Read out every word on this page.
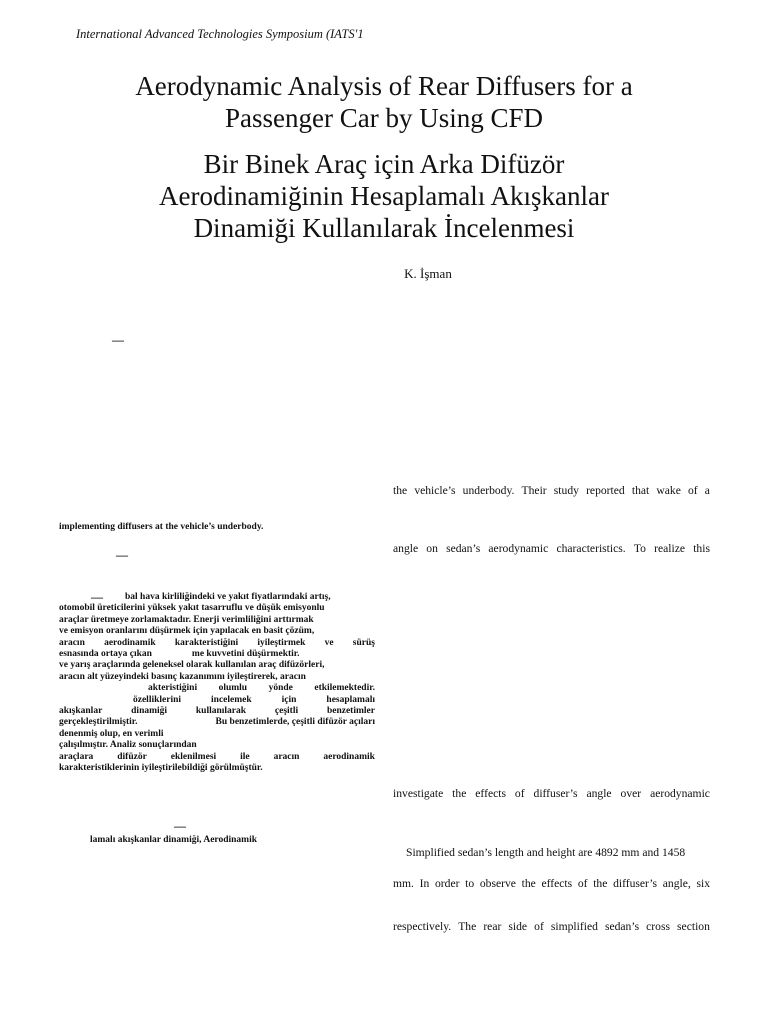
International Advanced Technologies Symposium (IATS'1
Aerodynamic Analysis of Rear Diffusers for a
Passenger Car by Using CFD
Bir Binek Araç için Arka Difüzör
Aerodinamiğinin Hesaplamalı Akışkanlar
Dinamiği Kullanılarak İncelenmesi
K. İşman
—
implementing diffusers at the vehicle’s underbody.
—
—	bal hava kirliliğindeki ve yakıt fiyatlarındaki artış,
otomobil üreticilerini yüksek yakıt tasarruflu ve düşük emisyonlu
araçlar üretmeye zorlamaktadır. Enerji verimliliğini arttırmak
ve emisyon oranlarını düşürmek için yapılacak en basit çözüm,
aracın aerodinamik karakteristiğini iyileştirmek ve sürüş
esnasında ortaya çıkan	me kuvvetini düşürmektir.
ve yarış araçlarında geleneksel olarak kullanılan araç difüzörleri,
aracın alt yüzeyindeki basınç kazanımını iyileştirerek, aracın
akteristiğini olumlu yönde etkilemektedir.
özelliklerini	incelemek	için	hesaplamalı
akışkanlar	dinamiği	kullanılarak	çeşitli	benzetimler
gerçekleştirilmiştir.	Bu benzetimlerde, çeşitli difüzör açıları
denenmiş olup, en verimli
çalışılmıştır. Analiz sonuçlarından
araçlara	difüzör	eklenilmesi	ile	aracın	aerodinamik
karakteristiklerinin iyileştirilebildiği görülmüştür.
—
lamalı akışkanlar dinamiği, Aerodinamik
the vehicle’s underbody. Their study reported that wake of a
angle on sedan’s aerodynamic characteristics. To realize this
investigate the effects of diffuser’s angle over aerodynamic
Simplified sedan’s length and height are 4892 mm and 1458
mm. In order to observe the effects of the diffuser’s angle, six
respectively. The rear side of simplified sedan’s cross section
